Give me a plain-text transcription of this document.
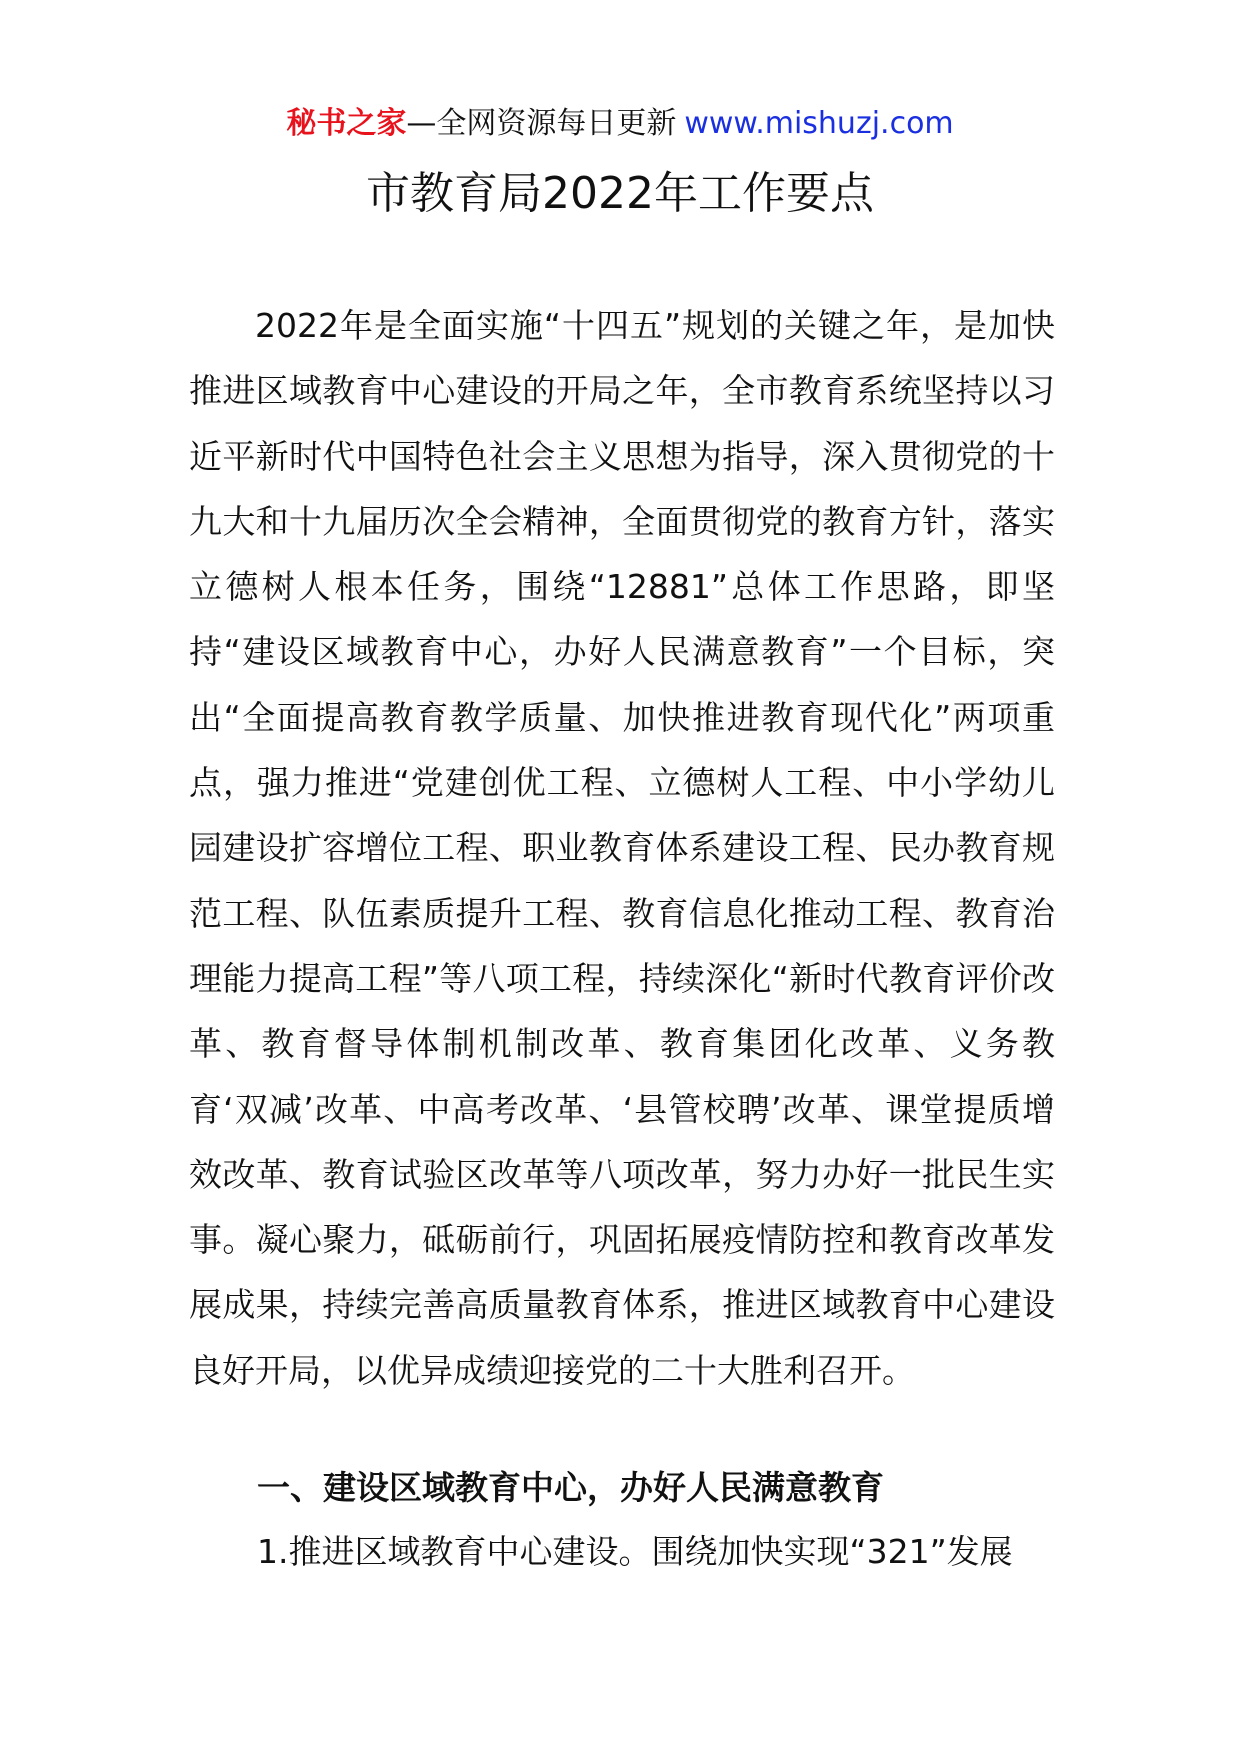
秘书之家—全网资源每日更新 www.mishuzj.com
市教育局2022年工作要点

2022年是全面实施“十四五”规划的关键之年，是加快推进区域教育中心建设的开局之年，全市教育系统坚持以习近平新时代中国特色社会主义思想为指导，深入贯彻党的十九大和十九届历次全会精神，全面贯彻党的教育方针，落实立德树人根本任务，围绕“12881”总体工作思路，即坚持“建设区域教育中心，办好人民满意教育”一个目标，突出“全面提高教育教学质量、加快推进教育现代化”两项重点，强力推进“党建创优工程、立德树人工程、中小学幼儿园建设扩容增位工程、职业教育体系建设工程、民办教育规范工程、队伍素质提升工程、教育信息化推动工程、教育治理能力提高工程”等八项工程，持续深化“新时代教育评价改革、教育督导体制机制改革、教育集团化改革、义务教育‘双减’改革、中高考改革、‘县管校聘’改革、课堂提质增效改革、教育试验区改革等八项改革，努力办好一批民生实事。凝心聚力，砥砺前行，巩固拓展疫情防控和教育改革发展成果，持续完善高质量教育体系，推进区域教育中心建设良好开局，以优异成绩迎接党的二十大胜利召开。

一、建设区域教育中心，办好人民满意教育

1.推进区域教育中心建设。围绕加快实现“321”发展
